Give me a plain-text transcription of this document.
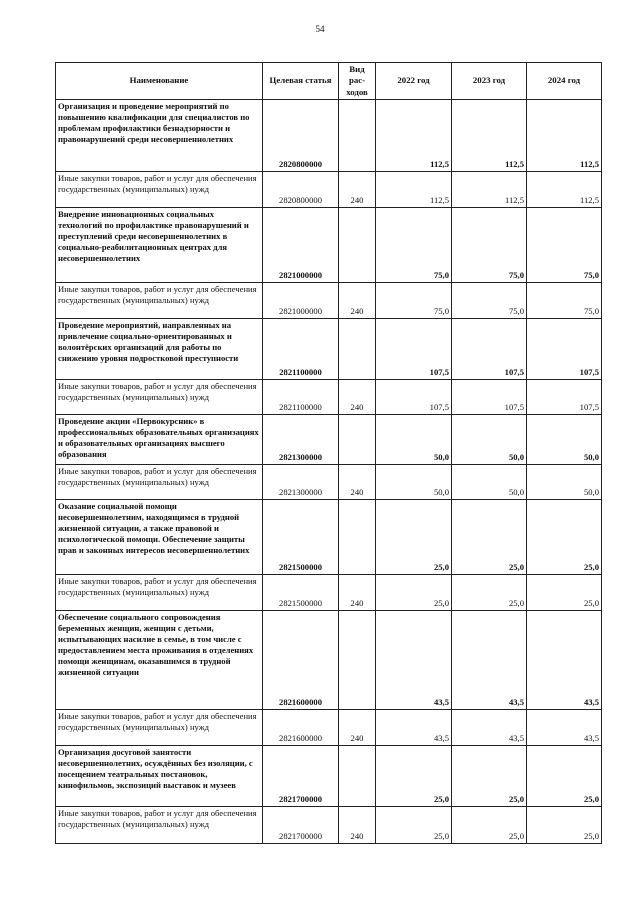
54
Наименование	Целевая статья	Вид рас-ходов	2022 год	2023 год	2024 год
Организация и проведение мероприятий по повышению квалификации для специалистов по проблемам профилактики безнадзорности и правонарушений среди несовершеннолетних	2820800000		112,5	112,5	112,5
Иные закупки товаров, работ и услуг для обеспечения государственных (муниципальных) нужд	2820800000	240	112,5	112,5	112,5
Внедрение инновационных социальных технологий по профилактике правонарушений и преступлений среди несовершеннолетних в социально-реабилитационных центрах для несовершеннолетних	2821000000		75,0	75,0	75,0
Иные закупки товаров, работ и услуг для обеспечения государственных (муниципальных) нужд	2821000000	240	75,0	75,0	75,0
Проведение мероприятий, направленных на привлечение социально-ориентированных и волонтёрских организаций для работы по снижению уровня подростковой преступности	2821100000		107,5	107,5	107,5
Иные закупки товаров, работ и услуг для обеспечения государственных (муниципальных) нужд	2821100000	240	107,5	107,5	107,5
Проведение акции «Первокурсник» в профессиональных образовательных организациях и образовательных организациях высшего образования	2821300000		50,0	50,0	50,0
Иные закупки товаров, работ и услуг для обеспечения государственных (муниципальных) нужд	2821300000	240	50,0	50,0	50,0
Оказание социальной помощи несовершеннолетним, находящимся в трудной жизненной ситуации, а также правовой и психологической помощи. Обеспечение защиты прав и законных интересов несовершеннолетних	2821500000		25,0	25,0	25,0
Иные закупки товаров, работ и услуг для обеспечения государственных (муниципальных) нужд	2821500000	240	25,0	25,0	25,0
Обеспечение социального сопровождения беременных женщин, женщин с детьми, испытывающих насилие в семье, в том числе с предоставлением места проживания в отделениях помощи женщинам, оказавшимся в трудной жизненной ситуации	2821600000		43,5	43,5	43,5
Иные закупки товаров, работ и услуг для обеспечения государственных (муниципальных) нужд	2821600000	240	43,5	43,5	43,5
Организация досуговой занятости несовершеннолетних, осуждённых без изоляции, с посещением театральных постановок, кинофильмов, экспозиций выставок и музеев	2821700000		25,0	25,0	25,0
Иные закупки товаров, работ и услуг для обеспечения государственных (муниципальных) нужд	2821700000	240	25,0	25,0	25,0
